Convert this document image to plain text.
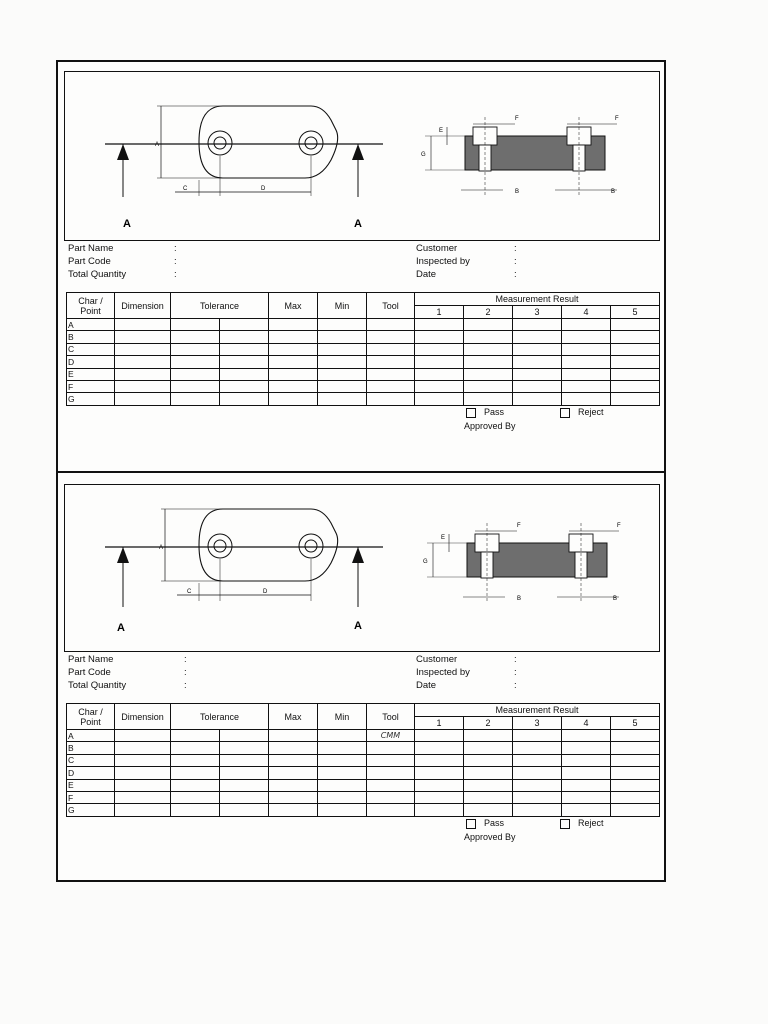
A	A
A
C	D
E
G
F	F
B	B
Part Name	:
Part Code	:
Total Quantity	:
Customer	:
Inspected by	:
Date	:
Char /
Point	Dimension	Tolerance		Max	Min	Tool	Measurement Result				
							1	2	3	4	5
A											
B											
C											
D											
E											
F											
G											
Pass	Reject
Approved By
A	A
A
C	D
E
G
F	F
B	B
Part Name	:
Part Code	:
Total Quantity	:
Customer	:
Inspected by	:
Date	:
Char /
Point	Dimension	Tolerance		Max	Min	Tool	Measurement Result				
							1	2	3	4	5
A						CMM					
B											
C											
D											
E											
F											
G											
Pass	Reject
Approved By
